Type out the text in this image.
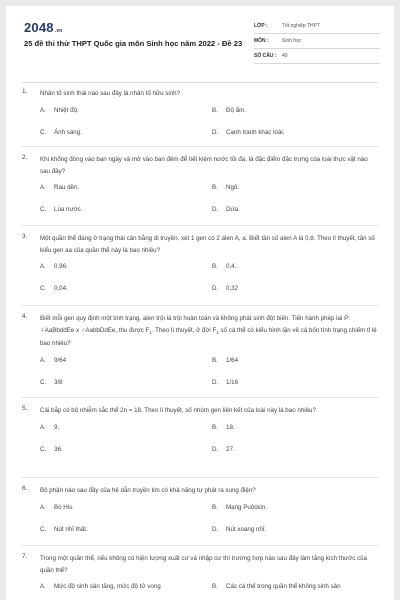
2048.vn
25 đề thi thử THPT Quốc gia môn Sinh học năm 2022 - Đề 23
LỚP :	Tốt nghiệp THPT
MÔN :	Sinh học
SỐ CÂU :	40
1. Nhân tố sinh thái nào sau đây là nhân tố hữu sinh?
A. Nhiệt độ.	B. Độ ẩm.
C. Ánh sáng.	D. Cạnh tranh khác loài.
2. Khi khổng đóng vào ban ngày và mở vào ban đêm để tiết kiệm nước tối đa, là đặc điểm đặc trưng của loài thực vật nào sau đây?
A. Rau dền.	B. Ngô.
C. Lúa nước.	D. Dứa.
3. Một quần thể đang ở trạng thái cân bằng di truyền, xét 1 gen có 2 alen A, a. Biết tần số alen A là 0,8. Theo lí thuyết, tần số kiểu gen aa của quần thể này là bao nhiêu?
A. 0,96.	B. 0,4.
C. 0,04.	D. 0,32
4. Biết mỗi gen quy định một tính trạng, alen trội là trội hoàn toàn và không phát sinh đột biến. Tiến hành phép lai P: ♀AaBbddEe x ♂AabbDdEe, thu được $F_1$. Theo lí thuyết, ở đời $F_1$ số cá thể có kiểu hình lặn về cả bốn tính trạng chiếm tỉ lệ bao nhiêu?
A. 9/64	B. 1/64
C. 3/8	D. 1/16
5. Cải bắp có bộ nhiễm sắc thể 2n = 18. Theo lí thuyết, số nhóm gen liên kết của loài này là bao nhiêu?
A. 9.	B. 18.
C. 36.	D. 27.
6. Bộ phận nào sau đây của hệ dẫn truyền tim có khả năng tự phát ra xung điện?
A. Bó His.	B. Mạng Puôckin.
C. Nút nhĩ thất.	D. Nút xoang nhĩ.
7. Trong một quần thể, nếu không có hiện tượng xuất cư và nhập cư thì trường hợp nào sau đây làm tăng kích thước của quần thể?
A. Mức độ sinh sản tăng, mức độ tử vong	B. Các cá thể trong quần thể không sinh sản
